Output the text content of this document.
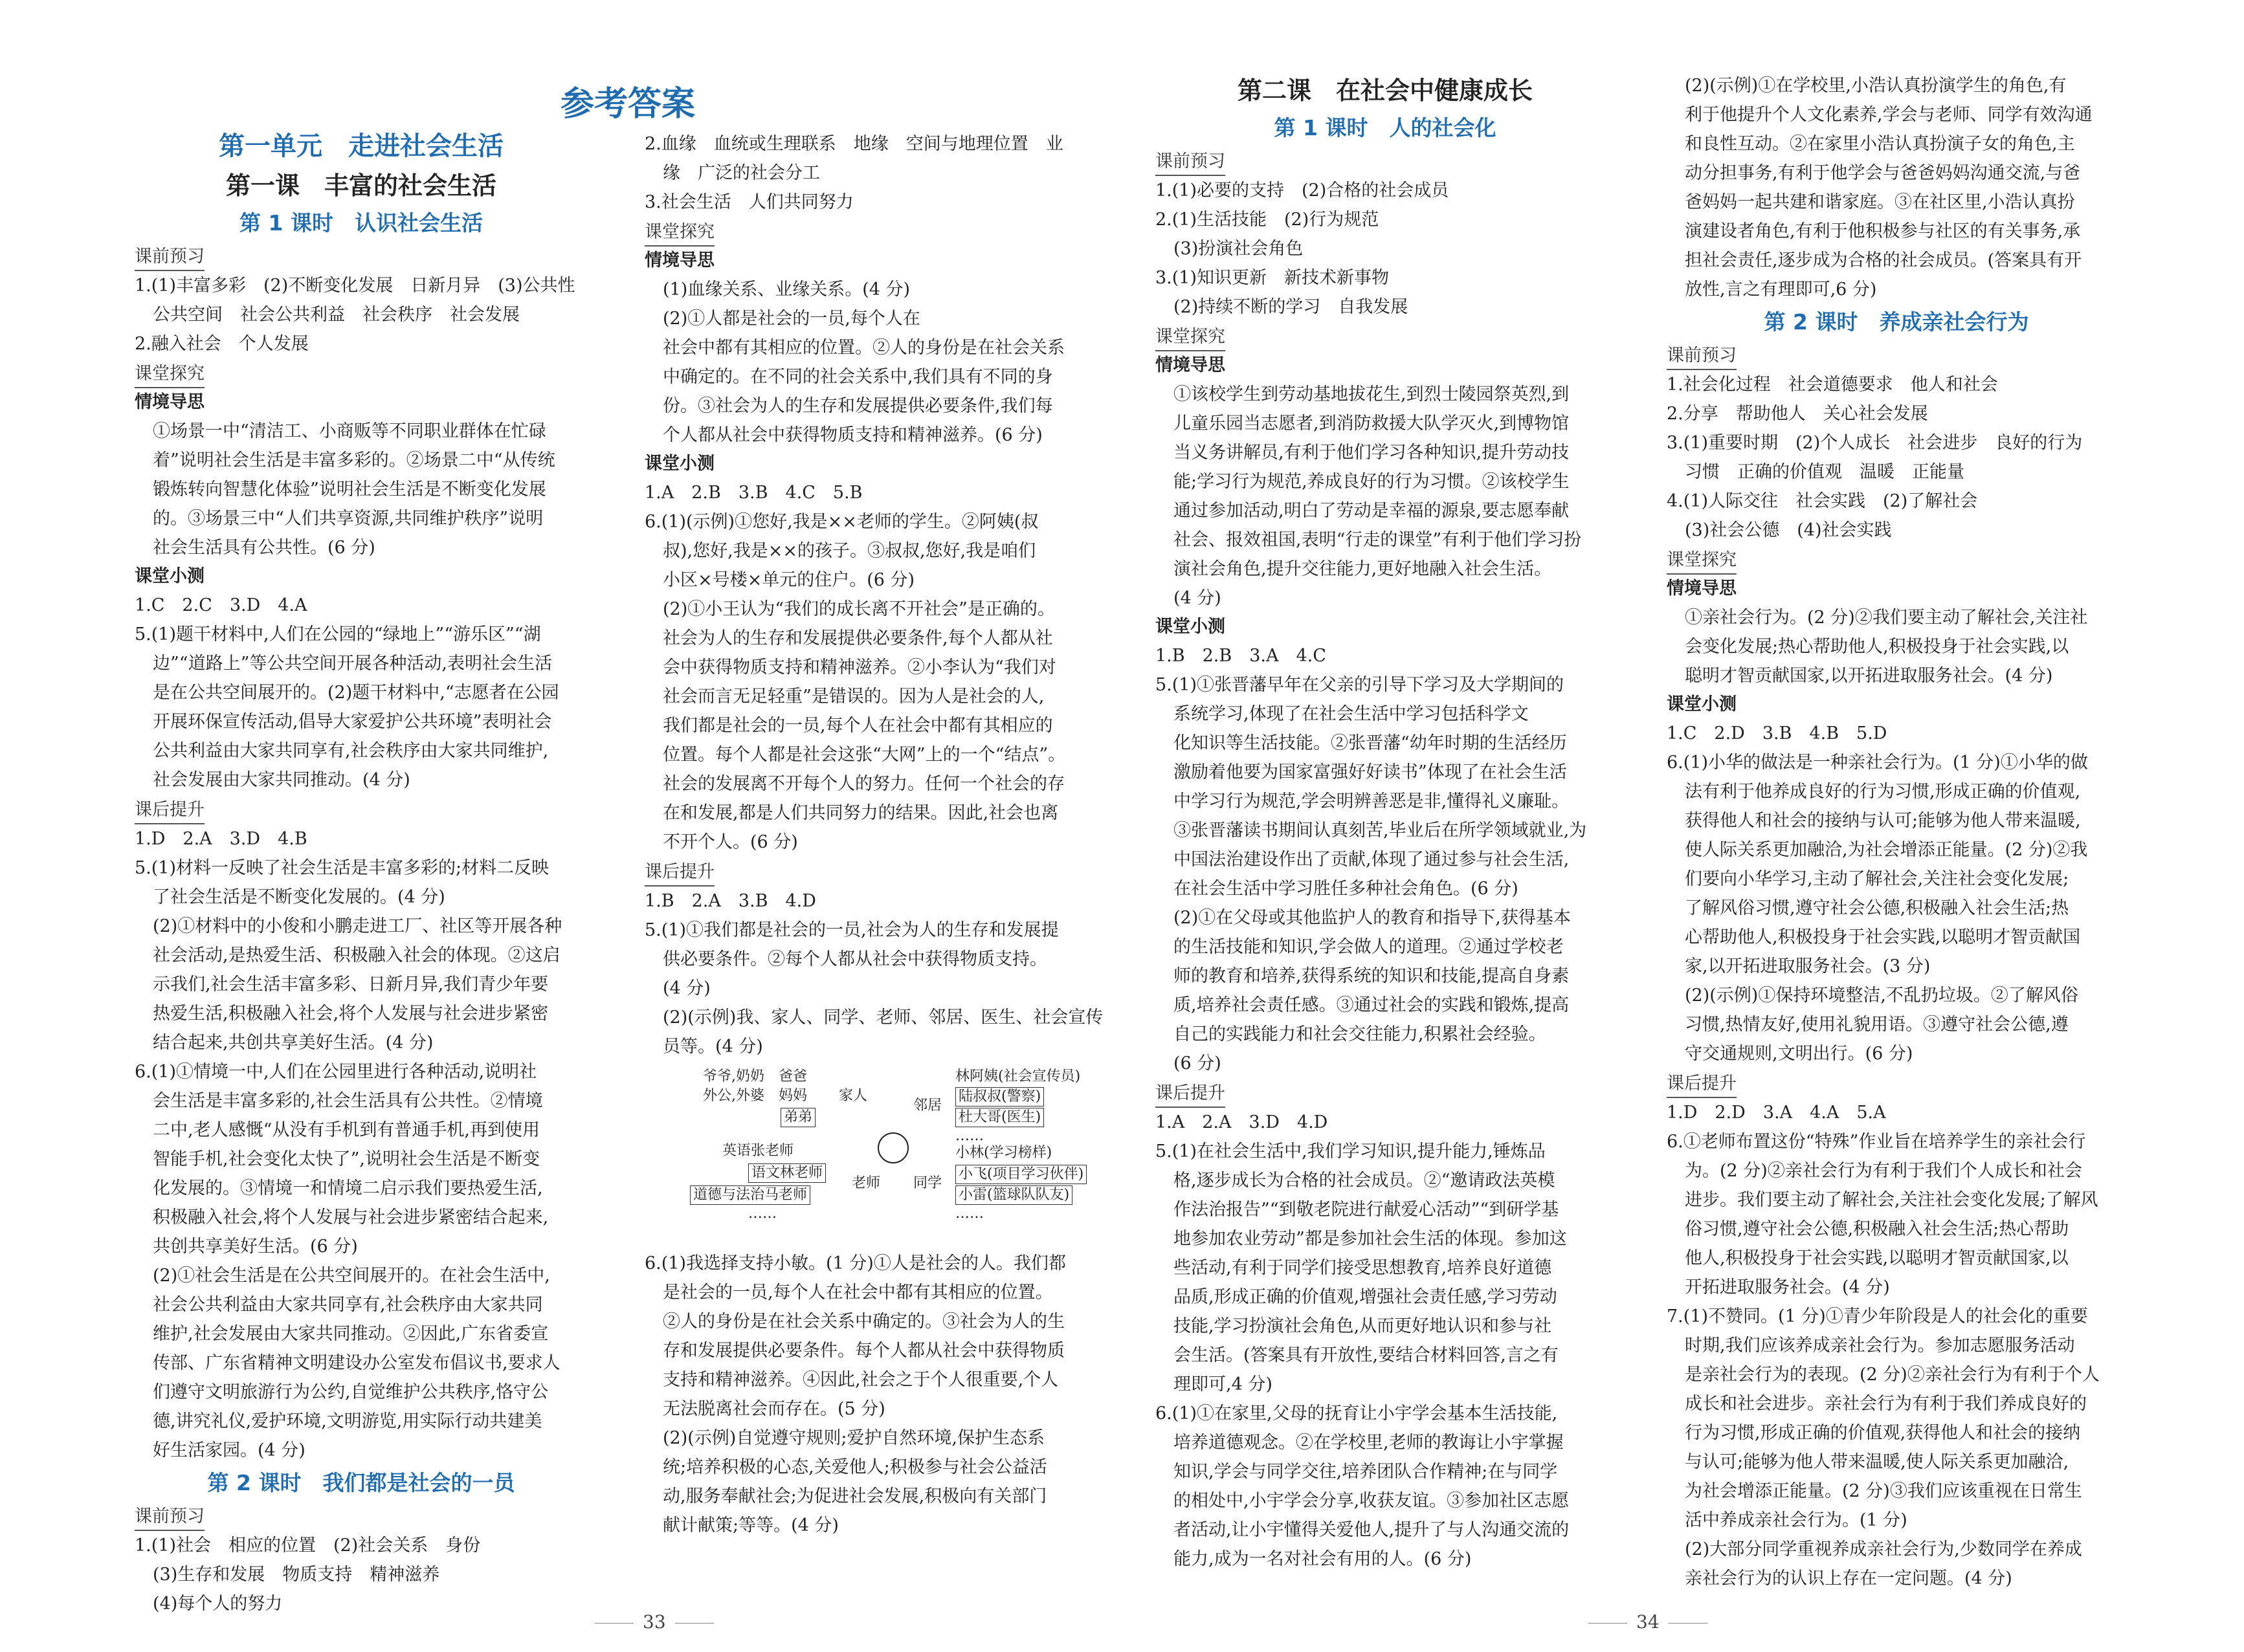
参考答案
第一单元　走进社会生活
第一课　丰富的社会生活
第 1 课时　认识社会生活
课前预习

1.(1)丰富多彩　(2)不断变化发展　日新月异　(3)公共性

公共空间　社会公共利益　社会秩序　社会发展

2.融入社会　个人发展

课堂探究
情境导思

①场景一中“清洁工、小商贩等不同职业群体在忙碌

着”说明社会生活是丰富多彩的。②场景二中“从传统

锻炼转向智慧化体验”说明社会生活是不断变化发展

的。③场景三中“人们共享资源,共同维护秩序”说明

社会生活具有公共性。(6 分)

课堂小测

1.C　2.C　3.D　4.A

5.(1)题干材料中,人们在公园的“绿地上”“游乐区”“湖

边”“道路上”等公共空间开展各种活动,表明社会生活

是在公共空间展开的。(2)题干材料中,“志愿者在公园

开展环保宣传活动,倡导大家爱护公共环境”表明社会

公共利益由大家共同享有,社会秩序由大家共同维护,

社会发展由大家共同推动。(4 分)

课后提升

1.D　2.A　3.D　4.B

5.(1)材料一反映了社会生活是丰富多彩的;材料二反映

了社会生活是不断变化发展的。(4 分)

(2)①材料中的小俊和小鹏走进工厂、社区等开展各种

社会活动,是热爱生活、积极融入社会的体现。②这启

示我们,社会生活丰富多彩、日新月异,我们青少年要

热爱生活,积极融入社会,将个人发展与社会进步紧密

结合起来,共创共享美好生活。(4 分)

6.(1)①情境一中,人们在公园里进行各种活动,说明社

会生活是丰富多彩的,社会生活具有公共性。②情境

二中,老人感慨“从没有手机到有普通手机,再到使用

智能手机,社会变化太快了”,说明社会生活是不断变

化发展的。③情境一和情境二启示我们要热爱生活,

积极融入社会,将个人发展与社会进步紧密结合起来,

共创共享美好生活。(6 分)

(2)①社会生活是在公共空间展开的。在社会生活中,

社会公共利益由大家共同享有,社会秩序由大家共同

维护,社会发展由大家共同推动。②因此,广东省委宣

传部、广东省精神文明建设办公室发布倡议书,要求人

们遵守文明旅游行为公约,自觉维护公共秩序,恪守公

德,讲究礼仪,爱护环境,文明游览,用实际行动共建美

好生活家园。(4 分)

第 2 课时　我们都是社会的一员
课前预习

1.(1)社会　相应的位置　(2)社会关系　身份

(3)生存和发展　物质支持　精神滋养

(4)每个人的努力

2.血缘　血统或生理联系　地缘　空间与地理位置　业

缘　广泛的社会分工

3.社会生活　人们共同努力

课堂探究
情境导思

(1)血缘关系、业缘关系。(4 分)

(2)①人都是社会的一员,每个人在

社会中都有其相应的位置。②人的身份是在社会关系

中确定的。在不同的社会关系中,我们具有不同的身

份。③社会为人的生存和发展提供必要条件,我们每

个人都从社会中获得物质支持和精神滋养。(6 分)

课堂小测

1.A　2.B　3.B　4.C　5.B

6.(1)(示例)①您好,我是××老师的学生。②阿姨(叔

叔),您好,我是××的孩子。③叔叔,您好,我是咱们

小区×号楼×单元的住户。(6 分)

(2)①小王认为“我们的成长离不开社会”是正确的。

社会为人的生存和发展提供必要条件,每个人都从社

会中获得物质支持和精神滋养。②小李认为“我们对

社会而言无足轻重”是错误的。因为人是社会的人,

我们都是社会的一员,每个人在社会中都有其相应的

位置。每个人都是社会这张“大网”上的一个“结点”。

社会的发展离不开每个人的努力。任何一个社会的存

在和发展,都是人们共同努力的结果。因此,社会也离

不开个人。(6 分)

课后提升

1.B　2.A　3.B　4.D

5.(1)①我们都是社会的一员,社会为人的生存和发展提

供必要条件。②每个人都从社会中获得物质支持。

(4 分)

(2)(示例)我、家人、同学、老师、邻居、医生、社会宣传

员等。(4 分)

爷爷,奶奶　爸爸
外公,外婆　妈妈
弟弟
家人
邻居
林阿姨(社会宣传员)
陆叔叔(警察)
杜大哥(医生)
……
英语张老师
语文林老师
道德与法治马老师
……
老师 同学
小林(学习榜样)
小飞(项目学习伙伴)
小雷(篮球队队友)
……

6.(1)我选择支持小敏。(1 分)①人是社会的人。我们都

是社会的一员,每个人在社会中都有其相应的位置。

②人的身份是在社会关系中确定的。③社会为人的生

存和发展提供必要条件。每个人都从社会中获得物质

支持和精神滋养。④因此,社会之于个人很重要,个人

无法脱离社会而存在。(5 分)

(2)(示例)自觉遵守规则;爱护自然环境,保护生态系

统;培养积极的心态,关爱他人;积极参与社会公益活

动,服务奉献社会;为促进社会发展,积极向有关部门

献计献策;等等。(4 分)

33
第二课　在社会中健康成长
第 1 课时　人的社会化
课前预习

1.(1)必要的支持　(2)合格的社会成员

2.(1)生活技能　(2)行为规范

(3)扮演社会角色

3.(1)知识更新　新技术新事物

(2)持续不断的学习　自我发展

课堂探究
情境导思

①该校学生到劳动基地拔花生,到烈士陵园祭英烈,到

儿童乐园当志愿者,到消防救援大队学灭火,到博物馆

当义务讲解员,有利于他们学习各种知识,提升劳动技

能;学习行为规范,养成良好的行为习惯。②该校学生

通过参加活动,明白了劳动是幸福的源泉,要志愿奉献

社会、报效祖国,表明“行走的课堂”有利于他们学习扮

演社会角色,提升交往能力,更好地融入社会生活。

(4 分)

课堂小测

1.B　2.B　3.A　4.C

5.(1)①张晋藩早年在父亲的引导下学习及大学期间的

系统学习,体现了在社会生活中学习包括科学文

化知识等生活技能。②张晋藩“幼年时期的生活经历

激励着他要为国家富强好好读书”体现了在社会生活

中学习行为规范,学会明辨善恶是非,懂得礼义廉耻。

③张晋藩读书期间认真刻苦,毕业后在所学领域就业,为

中国法治建设作出了贡献,体现了通过参与社会生活,

在社会生活中学习胜任多种社会角色。(6 分)

(2)①在父母或其他监护人的教育和指导下,获得基本

的生活技能和知识,学会做人的道理。②通过学校老

师的教育和培养,获得系统的知识和技能,提高自身素

质,培养社会责任感。③通过社会的实践和锻炼,提高

自己的实践能力和社会交往能力,积累社会经验。

(6 分)

课后提升

1.A　2.A　3.D　4.D

5.(1)在社会生活中,我们学习知识,提升能力,锤炼品

格,逐步成长为合格的社会成员。②“邀请政法英模

作法治报告”“到敬老院进行献爱心活动”“到研学基

地参加农业劳动”都是参加社会生活的体现。参加这

些活动,有利于同学们接受思想教育,培养良好道德

品质,形成正确的价值观,增强社会责任感,学习劳动

技能,学习扮演社会角色,从而更好地认识和参与社

会生活。(答案具有开放性,要结合材料回答,言之有

理即可,4 分)

6.(1)①在家里,父母的抚育让小宇学会基本生活技能,

培养道德观念。②在学校里,老师的教诲让小宇掌握

知识,学会与同学交往,培养团队合作精神;在与同学

的相处中,小宇学会分享,收获友谊。③参加社区志愿

者活动,让小宇懂得关爱他人,提升了与人沟通交流的

能力,成为一名对社会有用的人。(6 分)

(2)(示例)①在学校里,小浩认真扮演学生的角色,有

利于他提升个人文化素养,学会与老师、同学有效沟通

和良性互动。②在家里小浩认真扮演子女的角色,主

动分担事务,有利于他学会与爸爸妈妈沟通交流,与爸

爸妈妈一起共建和谐家庭。③在社区里,小浩认真扮

演建设者角色,有利于他积极参与社区的有关事务,承

担社会责任,逐步成为合格的社会成员。(答案具有开

放性,言之有理即可,6 分)

第 2 课时　养成亲社会行为
课前预习

1.社会化过程　社会道德要求　他人和社会

2.分享　帮助他人　关心社会发展

3.(1)重要时期　(2)个人成长　社会进步　良好的行为

习惯　正确的价值观　温暖　正能量

4.(1)人际交往　社会实践　(2)了解社会

(3)社会公德　(4)社会实践

课堂探究
情境导思

①亲社会行为。(2 分)②我们要主动了解社会,关注社

会变化发展;热心帮助他人,积极投身于社会实践,以

聪明才智贡献国家,以开拓进取服务社会。(4 分)

课堂小测

1.C　2.D　3.B　4.B　5.D

6.(1)小华的做法是一种亲社会行为。(1 分)①小华的做

法有利于他养成良好的行为习惯,形成正确的价值观,

获得他人和社会的接纳与认可;能够为他人带来温暖,

使人际关系更加融洽,为社会增添正能量。(2 分)②我

们要向小华学习,主动了解社会,关注社会变化发展;

了解风俗习惯,遵守社会公德,积极融入社会生活;热

心帮助他人,积极投身于社会实践,以聪明才智贡献国

家,以开拓进取服务社会。(3 分)

(2)(示例)①保持环境整洁,不乱扔垃圾。②了解风俗

习惯,热情友好,使用礼貌用语。③遵守社会公德,遵

守交通规则,文明出行。(6 分)

课后提升

1.D　2.D　3.A　4.A　5.A

6.①老师布置这份“特殊”作业旨在培养学生的亲社会行

为。(2 分)②亲社会行为有利于我们个人成长和社会

进步。我们要主动了解社会,关注社会变化发展;了解风

俗习惯,遵守社会公德,积极融入社会生活;热心帮助

他人,积极投身于社会实践,以聪明才智贡献国家,以

开拓进取服务社会。(4 分)

7.(1)不赞同。(1 分)①青少年阶段是人的社会化的重要

时期,我们应该养成亲社会行为。参加志愿服务活动

是亲社会行为的表现。(2 分)②亲社会行为有利于个人

成长和社会进步。亲社会行为有利于我们养成良好的

行为习惯,形成正确的价值观,获得他人和社会的接纳

与认可;能够为他人带来温暖,使人际关系更加融洽,

为社会增添正能量。(2 分)③我们应该重视在日常生

活中养成亲社会行为。(1 分)

(2)大部分同学重视养成亲社会行为,少数同学在养成

亲社会行为的认识上存在一定问题。(4 分)

34
